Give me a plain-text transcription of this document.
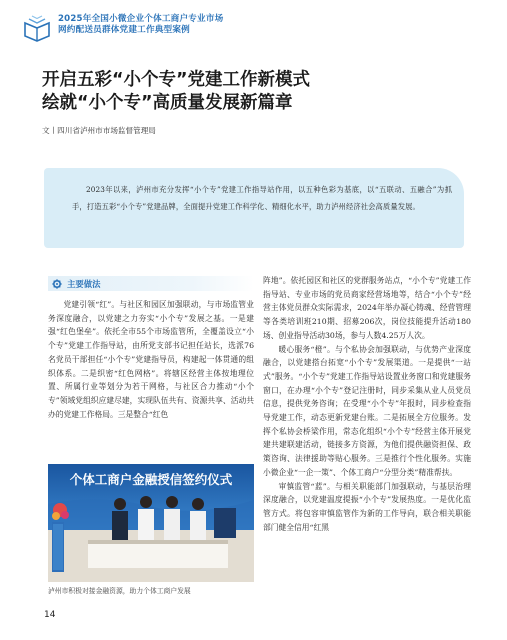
2025年全国小微企业个体工商户专业市场
网约配送员群体党建工作典型案例
开启五彩“小个专”党建工作新模式
绘就“小个专”高质量发展新篇章
文丨四川省泸州市市场监督管理局

2023年以来，泸州市充分发挥“小个专”党建工作指导站作用，以五种色彩为基底，以“五联动、五融合”为抓手，打造五彩“小个专”党建品牌，全面提升党建工作科学化、精细化水平，助力泸州经济社会高质量发展。

主要做法

党建引领“红”。与社区和园区加强联动，与市场监管业务深度融合，以党建之力夯实“小个专”发展之基。一是建强“红色堡垒”。依托全市55个市场监管所，全覆盖设立“小个专”党建工作指导站，由所党支部书记担任站长，选派76名党员干部担任“小个专”党建指导员，构建起一体贯通的组织体系。二是织密“红色网格”。将辖区经营主体按地理位置、所属行业等划分为若干网格，与社区合力推动“小个专”领域党组织应建尽建，实现队伍共有、资源共享、活动共办的党建工作格局。三是整合“红色

个体工商户金融授信签约仪式
泸州市积极对接金融资源，助力个体工商户发展

阵地”。依托园区和社区的党群服务站点，“小个专”党建工作指导站、专业市场的党员商家经营场地等，结合“小个专”经营主体党员群众实际需求，2024年举办凝心铸魂、经营管理等各类培训班210期、招募206次，岗位技能提升活动180场、创业指导活动30场，参与人数4.25万人次。

暖心服务“橙”。与个私协会加强联动，与优势产业深度融合，以党建搭台拓宽“小个专”发展渠道。一是提供“一站式”服务。“小个专”党建工作指导站设置业务窗口和党建服务窗口，在办理“小个专”登记注册时，同步采集从业人员党员信息，提供党务咨询；在受理“小个专”年报时，同步检查指导党建工作，动态更新党建台账。二是拓展全方位服务。发挥个私协会桥梁作用，常态化组织“小个专”经营主体开展党建共建联建活动，链接多方资源，为他们提供融资担保、政策咨询、法律援助等贴心服务。三是推行个性化服务。实施小微企业“一企一策”、个体工商户“分型分类”精准帮扶。

审慎监管“蓝”。与相关职能部门加强联动，与基层治理深度融合，以党建温度提振“小个专”发展热度。一是优化监管方式。将包容审慎监管作为新的工作导向，联合相关职能部门健全信用“红黑

14
